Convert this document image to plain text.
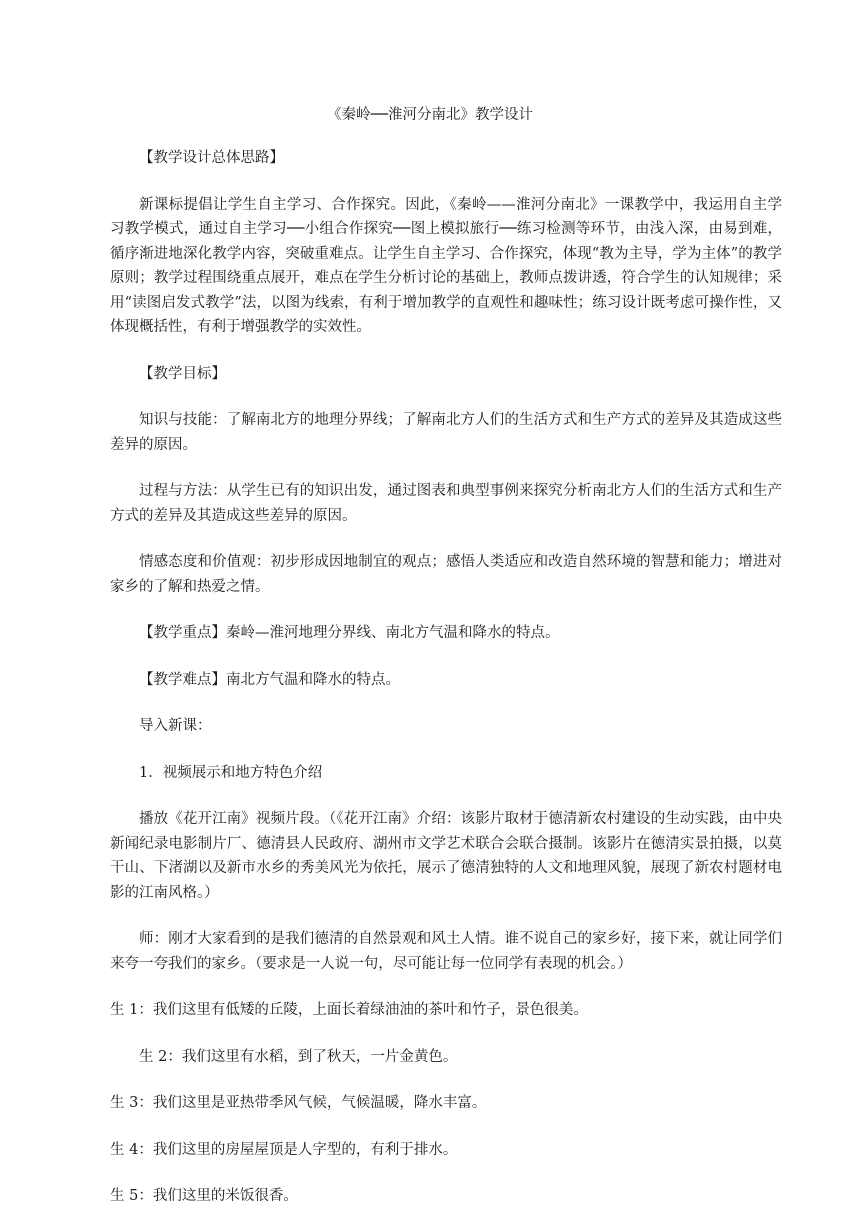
《秦岭──淮河分南北》教学设计

【教学设计总体思路】

新课标提倡让学生自主学习、合作探究。因此，《秦岭——淮河分南北》一课教学中，我运用自主学习教学模式，通过自主学习──小组合作探究──图上模拟旅行──练习检测等环节，由浅入深，由易到难，循序渐进地深化教学内容，突破重难点。让学生自主学习、合作探究，体现“教为主导，学为主体”的教学原则；教学过程围绕重点展开，难点在学生分析讨论的基础上，教师点拨讲透，符合学生的认知规律；采用“读图启发式教学”法，以图为线索，有利于增加教学的直观性和趣味性；练习设计既考虑可操作性，又体现概括性，有利于增强教学的实效性。

【教学目标】

知识与技能：了解南北方的地理分界线；了解南北方人们的生活方式和生产方式的差异及其造成这些差异的原因。

过程与方法：从学生已有的知识出发，通过图表和典型事例来探究分析南北方人们的生活方式和生产方式的差异及其造成这些差异的原因。

情感态度和价值观：初步形成因地制宜的观点；感悟人类适应和改造自然环境的智慧和能力；增进对家乡的了解和热爱之情。

【教学重点】秦岭—淮河地理分界线、南北方气温和降水的特点。

【教学难点】南北方气温和降水的特点。

导入新课：

1．视频展示和地方特色介绍

播放《花开江南》视频片段。（《花开江南》介绍：该影片取材于德清新农村建设的生动实践，由中央新闻纪录电影制片厂、德清县人民政府、湖州市文学艺术联合会联合摄制。该影片在德清实景拍摄，以莫干山、下渚湖以及新市水乡的秀美风光为依托，展示了德清独特的人文和地理风貌，展现了新农村题材电影的江南风格。）

师：刚才大家看到的是我们德清的自然景观和风土人情。谁不说自己的家乡好，接下来，就让同学们来夸一夸我们的家乡。（要求是一人说一句，尽可能让每一位同学有表现的机会。）

生 1：我们这里有低矮的丘陵，上面长着绿油油的茶叶和竹子，景色很美。

生 2：我们这里有水稻，到了秋天，一片金黄色。

生 3：我们这里是亚热带季风气候，气候温暖，降水丰富。

生 4：我们这里的房屋屋顶是人字型的，有利于排水。

生 5：我们这里的米饭很香。
